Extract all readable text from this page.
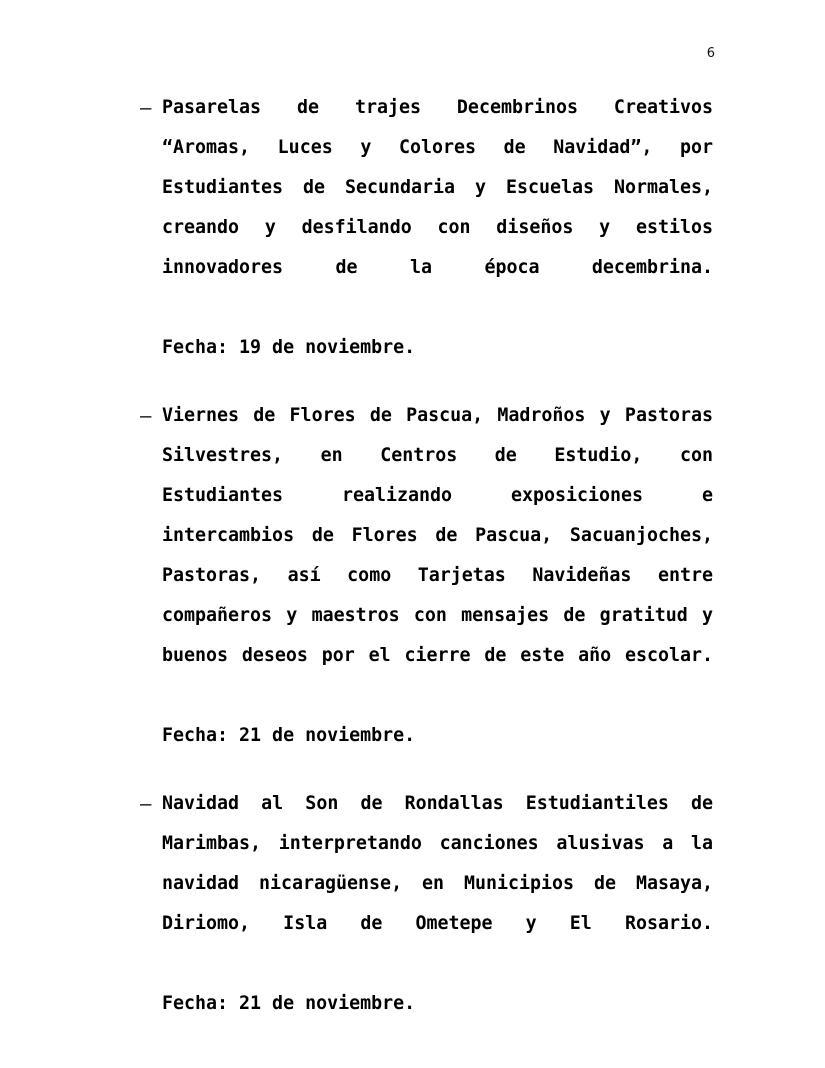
6
– Pasarelas de trajes Decembrinos Creativos “Aromas, Luces y Colores de Navidad”, por Estudiantes de Secundaria y Escuelas Normales, creando y desfilando con diseños y estilos innovadores de la época decembrina.
Fecha: 19 de noviembre.
– Viernes de Flores de Pascua, Madroños y Pastoras Silvestres, en Centros de Estudio, con Estudiantes realizando exposiciones e intercambios de Flores de Pascua, Sacuanjoches, Pastoras, así como Tarjetas Navideñas entre compañeros y maestros con mensajes de gratitud y buenos deseos por el cierre de este año escolar.
Fecha: 21 de noviembre.
– Navidad al Son de Rondallas Estudiantiles de Marimbas, interpretando canciones alusivas a la navidad nicaragüense, en Municipios de Masaya, Diriomo, Isla de Ometepe y El Rosario.
Fecha: 21 de noviembre.
